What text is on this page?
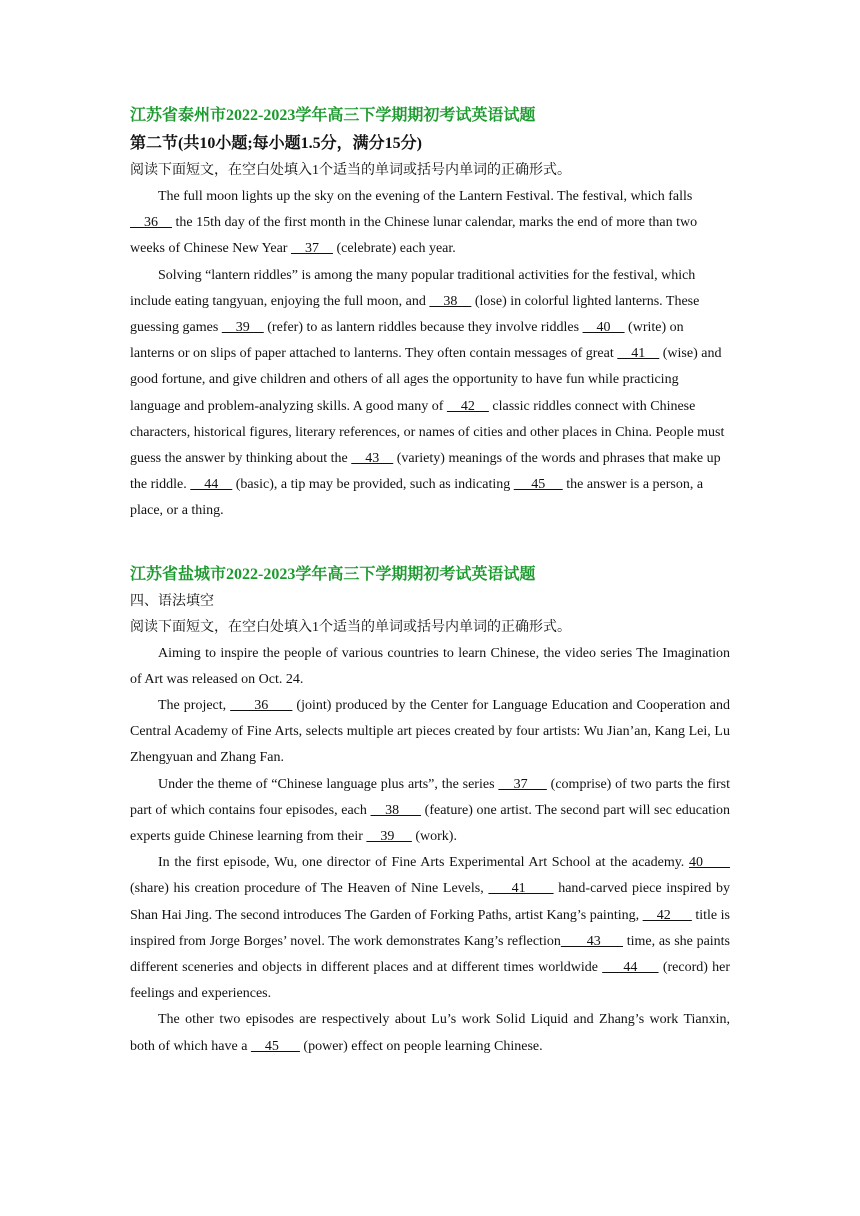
江苏省泰州市2022-2023学年高三下学期期初考试英语试题

第二节(共10小题;每小题1.5分，满分15分)

阅读下面短文，在空白处填入1个适当的单词或括号内单词的正确形式。

The full moon lights up the sky on the evening of the Lantern Festival. The festival, which falls     36     the 15th day of the first month in the Chinese lunar calendar, marks the end of more than two weeks of Chinese New Year     37     (celebrate) each year.

Solving “lantern riddles” is among the many popular traditional activities for the festival, which include eating tangyuan, enjoying the full moon, and     38     (lose) in colorful lighted lanterns. These guessing games     39     (refer) to as lantern riddles because they involve riddles     40     (write) on lanterns or on slips of paper attached to lanterns. They often contain messages of great     41     (wise) and good fortune, and give children and others of all ages the opportunity to have fun while practicing language and problem-analyzing skills. A good many of     42     classic riddles connect with Chinese characters, historical figures, literary references, or names of cities and other places in China. People must guess the answer by thinking about the     43     (variety) meanings of the words and phrases that make up the riddle.     44     (basic), a tip may be provided, such as indicating      45      the answer is a person, a place, or a thing.

江苏省盐城市2022-2023学年高三下学期期初考试英语试题

四、语法填空

阅读下面短文，在空白处填入1个适当的单词或括号内单词的正确形式。

Aiming to inspire the people of various countries to learn Chinese, the video series The Imagination of Art was released on Oct. 24.

The project,       36       (joint) produced by the Center for Language Education and Cooperation and Central Academy of Fine Arts, selects multiple art pieces created by four artists: Wu Jian’an, Kang Lei, Lu Zhengyuan and Zhang Fan.

Under the theme of “Chinese language plus arts”, the series     37      (comprise) of two parts the first part of which contains four episodes, each     38       (feature) one artist. The second part will sec education experts guide Chinese learning from their     39      (work).

In the first episode, Wu, one director of Fine Arts Experimental Art School at the academy. 40       (share) his creation procedure of The Heaven of Nine Levels,      41       hand-carved piece inspired by Shan Hai Jing. The second introduces The Garden of Forking Paths, artist Kang’s painting,     42       title is inspired from Jorge Borges’ novel. The work demonstrates Kang’s reflection       43       time, as she paints different sceneries and objects in different places and at different times worldwide      44      (record) her feelings and experiences.

The other two episodes are respectively about Lu’s work Solid Liquid and Zhang’s work Tianxin, both of which have a     45       (power) effect on people learning Chinese.
